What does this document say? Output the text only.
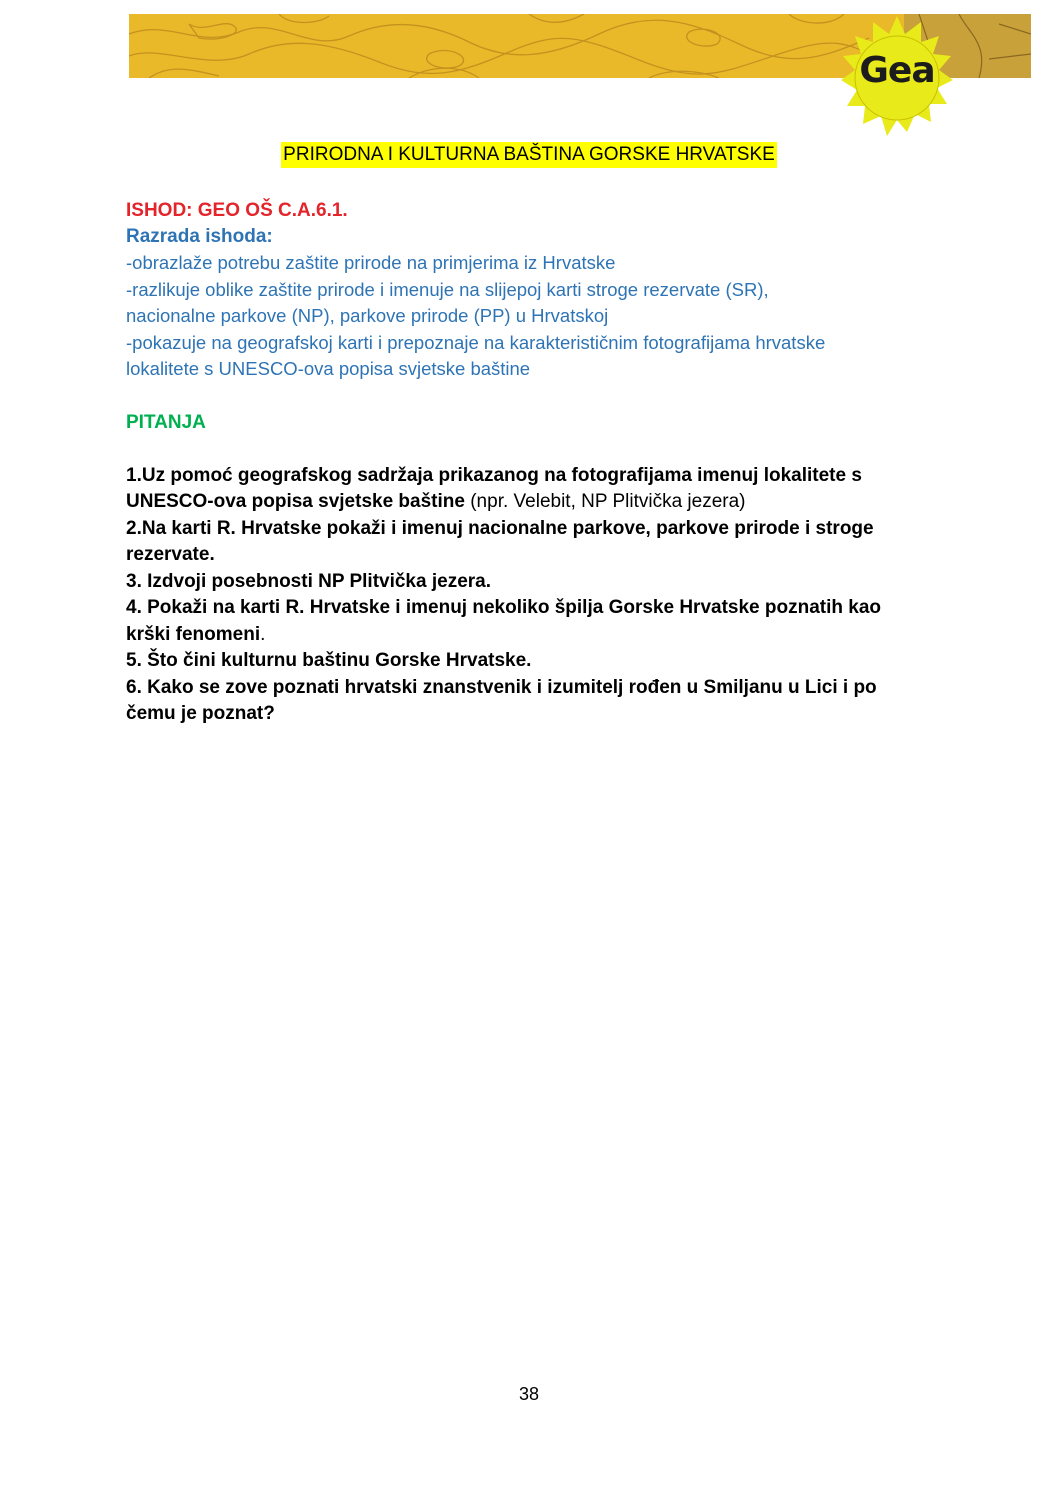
Gea
PRIRODNA I KULTURNA BAŠTINA GORSKE HRVATSKE
ISHOD: GEO OŠ C.A.6.1.
Razrada ishoda:
-obrazlaže potrebu zaštite prirode na primjerima iz Hrvatske
-razlikuje oblike zaštite prirode i imenuje na slijepoj karti stroge rezervate (SR),
nacionalne parkove (NP), parkove prirode (PP) u Hrvatskoj
-pokazuje na geografskoj karti i prepoznaje na karakterističnim fotografijama hrvatske
lokalitete s UNESCO-ova popisa svjetske baštine
PITANJA
1.Uz pomoć geografskog sadržaja prikazanog na fotografijama imenuj lokalitete s
UNESCO-ova popisa svjetske baštine (npr. Velebit, NP Plitvička jezera)
2.Na karti R. Hrvatske pokaži i imenuj nacionalne parkove, parkove prirode i stroge
rezervate.
3. Izdvoji posebnosti NP Plitvička jezera.
4. Pokaži na karti R. Hrvatske i imenuj nekoliko špilja Gorske Hrvatske poznatih kao
krški fenomeni.
5. Što čini kulturnu baštinu Gorske Hrvatske.
6. Kako se zove poznati hrvatski znanstvenik i izumitelj rođen u Smiljanu u Lici i po
čemu je poznat?
38
